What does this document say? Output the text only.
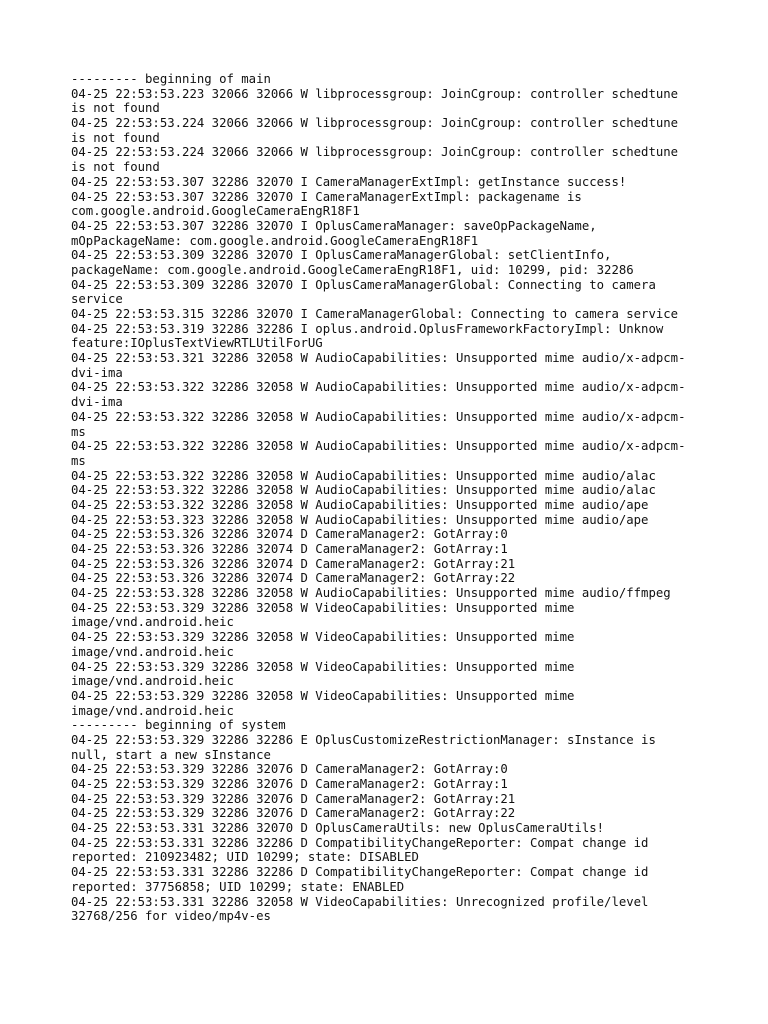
--------- beginning of main
04-25 22:53:53.223 32066 32066 W libprocessgroup: JoinCgroup: controller schedtune
is not found
04-25 22:53:53.224 32066 32066 W libprocessgroup: JoinCgroup: controller schedtune
is not found
04-25 22:53:53.224 32066 32066 W libprocessgroup: JoinCgroup: controller schedtune
is not found
04-25 22:53:53.307 32286 32070 I CameraManagerExtImpl: getInstance success!
04-25 22:53:53.307 32286 32070 I CameraManagerExtImpl: packagename is
com.google.android.GoogleCameraEngR18F1
04-25 22:53:53.307 32286 32070 I OplusCameraManager: saveOpPackageName,
mOpPackageName: com.google.android.GoogleCameraEngR18F1
04-25 22:53:53.309 32286 32070 I OplusCameraManagerGlobal: setClientInfo,
packageName: com.google.android.GoogleCameraEngR18F1, uid: 10299, pid: 32286
04-25 22:53:53.309 32286 32070 I OplusCameraManagerGlobal: Connecting to camera
service
04-25 22:53:53.315 32286 32070 I CameraManagerGlobal: Connecting to camera service
04-25 22:53:53.319 32286 32286 I oplus.android.OplusFrameworkFactoryImpl: Unknow
feature:IOplusTextViewRTLUtilForUG
04-25 22:53:53.321 32286 32058 W AudioCapabilities: Unsupported mime audio/x-adpcm-
dvi-ima
04-25 22:53:53.322 32286 32058 W AudioCapabilities: Unsupported mime audio/x-adpcm-
dvi-ima
04-25 22:53:53.322 32286 32058 W AudioCapabilities: Unsupported mime audio/x-adpcm-
ms
04-25 22:53:53.322 32286 32058 W AudioCapabilities: Unsupported mime audio/x-adpcm-
ms
04-25 22:53:53.322 32286 32058 W AudioCapabilities: Unsupported mime audio/alac
04-25 22:53:53.322 32286 32058 W AudioCapabilities: Unsupported mime audio/alac
04-25 22:53:53.322 32286 32058 W AudioCapabilities: Unsupported mime audio/ape
04-25 22:53:53.323 32286 32058 W AudioCapabilities: Unsupported mime audio/ape
04-25 22:53:53.326 32286 32074 D CameraManager2: GotArray:0
04-25 22:53:53.326 32286 32074 D CameraManager2: GotArray:1
04-25 22:53:53.326 32286 32074 D CameraManager2: GotArray:21
04-25 22:53:53.326 32286 32074 D CameraManager2: GotArray:22
04-25 22:53:53.328 32286 32058 W AudioCapabilities: Unsupported mime audio/ffmpeg
04-25 22:53:53.329 32286 32058 W VideoCapabilities: Unsupported mime
image/vnd.android.heic
04-25 22:53:53.329 32286 32058 W VideoCapabilities: Unsupported mime
image/vnd.android.heic
04-25 22:53:53.329 32286 32058 W VideoCapabilities: Unsupported mime
image/vnd.android.heic
04-25 22:53:53.329 32286 32058 W VideoCapabilities: Unsupported mime
image/vnd.android.heic
--------- beginning of system
04-25 22:53:53.329 32286 32286 E OplusCustomizeRestrictionManager: sInstance is
null, start a new sInstance
04-25 22:53:53.329 32286 32076 D CameraManager2: GotArray:0
04-25 22:53:53.329 32286 32076 D CameraManager2: GotArray:1
04-25 22:53:53.329 32286 32076 D CameraManager2: GotArray:21
04-25 22:53:53.329 32286 32076 D CameraManager2: GotArray:22
04-25 22:53:53.331 32286 32070 D OplusCameraUtils: new OplusCameraUtils!
04-25 22:53:53.331 32286 32286 D CompatibilityChangeReporter: Compat change id
reported: 210923482; UID 10299; state: DISABLED
04-25 22:53:53.331 32286 32286 D CompatibilityChangeReporter: Compat change id
reported: 37756858; UID 10299; state: ENABLED
04-25 22:53:53.331 32286 32058 W VideoCapabilities: Unrecognized profile/level
32768/256 for video/mp4v-es
